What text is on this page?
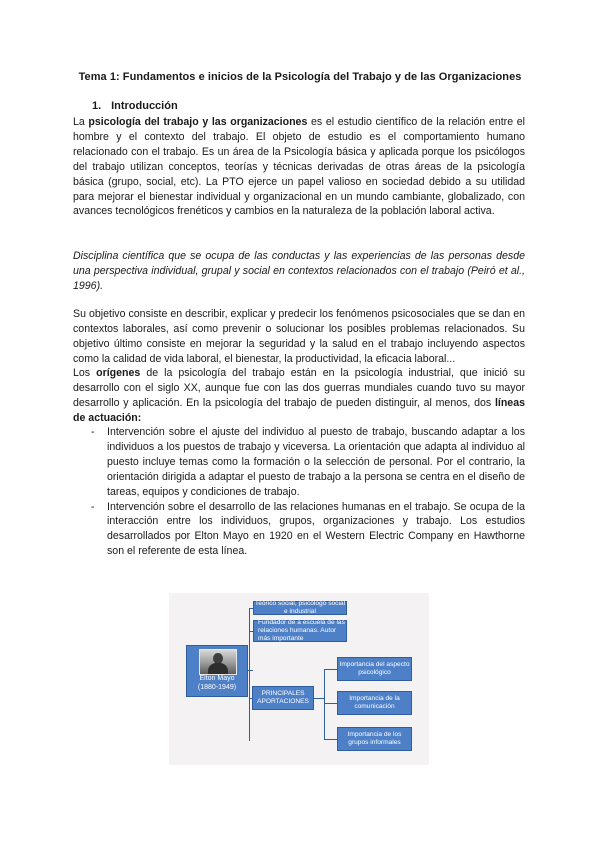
Tema 1: Fundamentos e inicios de la Psicología del Trabajo y de las Organizaciones
1. Introducción

La psicología del trabajo y las organizaciones es el estudio científico de la relación entre el hombre y el contexto del trabajo. El objeto de estudio es el comportamiento humano relacionado con el trabajo. Es un área de la Psicología básica y aplicada porque los psicólogos del trabajo utilizan conceptos, teorías y técnicas derivadas de otras áreas de la psicología básica (grupo, social, etc). La PTO ejerce un papel valioso en sociedad debido a su utilidad para mejorar el bienestar individual y organizacional en un mundo cambiante, globalizado, con avances tecnológicos frenéticos y cambios en la naturaleza de la población laboral activa.

Disciplina científica que se ocupa de las conductas y las experiencias de las personas desde una perspectiva individual, grupal y social en contextos relacionados con el trabajo (Peiró et al., 1996).

Su objetivo consiste en describir, explicar y predecir los fenómenos psicosociales que se dan en contextos laborales, así como prevenir o solucionar los posibles problemas relacionados. Su objetivo último consiste en mejorar la seguridad y la salud en el trabajo incluyendo aspectos como la calidad de vida laboral, el bienestar, la productividad, la eficacia laboral...

Los orígenes de la psicología del trabajo están en la psicología industrial, que inició su desarrollo con el siglo XX, aunque fue con las dos guerras mundiales cuando tuvo su mayor desarrollo y aplicación. En la psicología del trabajo de pueden distinguir, al menos, dos líneas de actuación:

- Intervención sobre el ajuste del individuo al puesto de trabajo, buscando adaptar a los individuos a los puestos de trabajo y viceversa. La orientación que adapta al individuo al puesto incluye temas como la formación o la selección de personal. Por el contrario, la orientación dirigida a adaptar el puesto de trabajo a la persona se centra en el diseño de tareas, equipos y condiciones de trabajo.
- Intervención sobre el desarrollo de las relaciones humanas en el trabajo. Se ocupa de la interacción entre los individuos, grupos, organizaciones y trabajo. Los estudios desarrollados por Elton Mayo en 1920 en el Western Electric Company en Hawthorne son el referente de esta línea.
Elton Mayo
(1880-1949)
Teórico social, psicólogo social e industrial
Fundador de a escuela de las relaciones humanas. Autor más importante
PRINCIPALES APORTACIONES
Importancia del aspecto psicológico
Importancia de la comunicación
Importancia de los grupos informales
